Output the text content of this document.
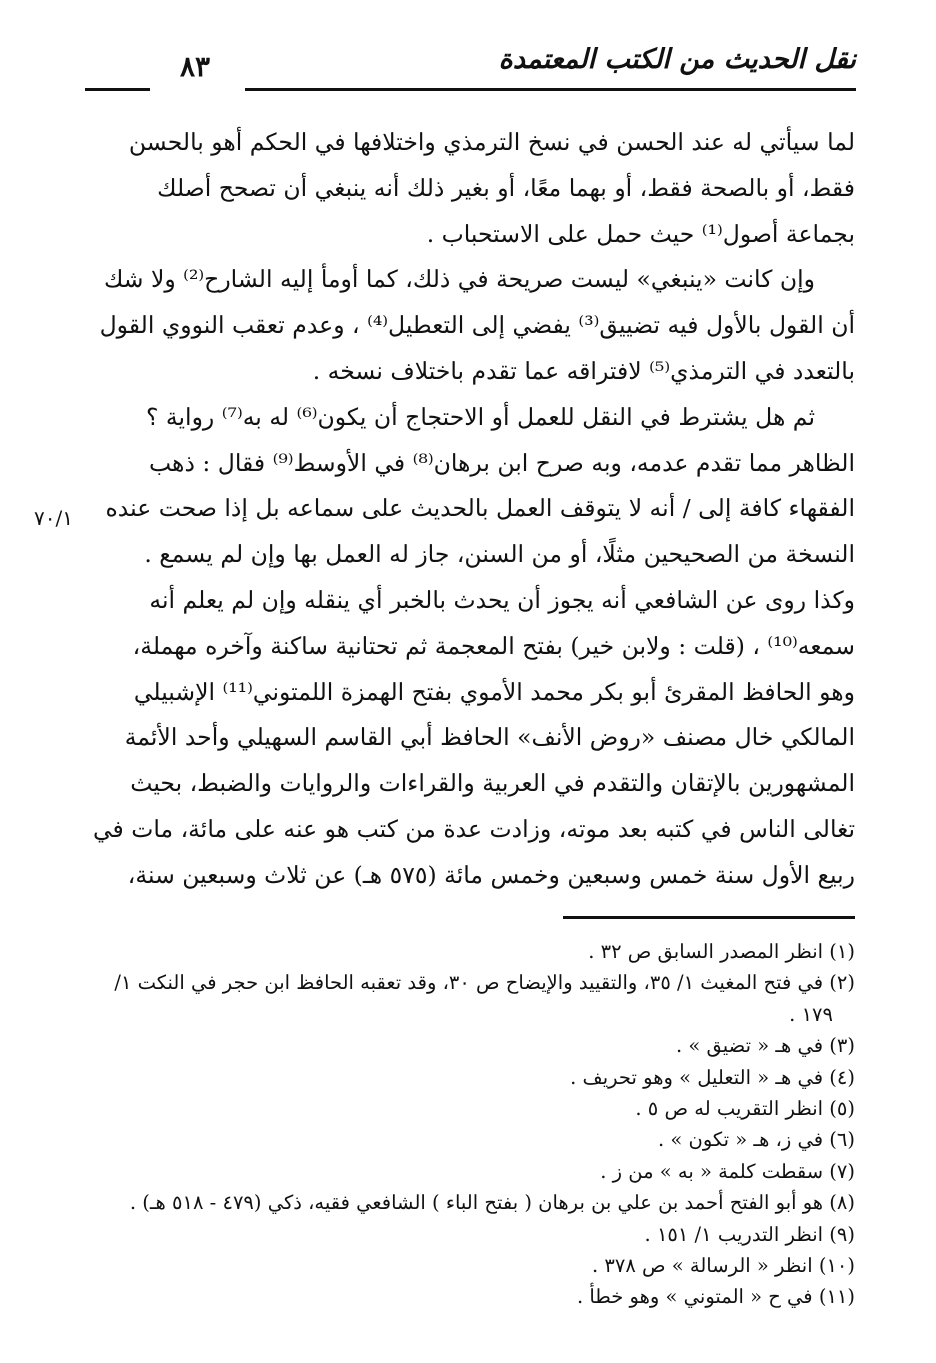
نقل الحديث من الكتب المعتمدة
٨٣
٧٠/١
لما سيأتي له عند الحسن في نسخ الترمذي واختلافها في الحكم أهو بالحسن
فقط، أو بالصحة فقط، أو بهما معًا، أو بغير ذلك أنه ينبغي أن تصحح أصلك
بجماعة أصول⁽¹⁾ حيث حمل على الاستحباب .
وإن كانت «ينبغي» ليست صريحة في ذلك، كما أومأ إليه الشارح⁽²⁾ ولا شك
أن القول بالأول فيه تضييق⁽³⁾ يفضي إلى التعطيل⁽⁴⁾ ، وعدم تعقب النووي القول
بالتعدد في الترمذي⁽⁵⁾ لافتراقه عما تقدم باختلاف نسخه .
ثم هل يشترط في النقل للعمل أو الاحتجاج أن يكون⁽⁶⁾ له به⁽⁷⁾ رواية ؟
الظاهر مما تقدم عدمه، وبه صرح ابن برهان⁽⁸⁾ في الأوسط⁽⁹⁾ فقال : ذهب
الفقهاء كافة إلى / أنه لا يتوقف العمل بالحديث على سماعه بل إذا صحت عنده
النسخة من الصحيحين مثلًا، أو من السنن، جاز له العمل بها وإن لم يسمع .
وكذا روى عن الشافعي أنه يجوز أن يحدث بالخبر أي ينقله وإن لم يعلم أنه
سمعه⁽¹⁰⁾ ، (قلت : ولابن خير) بفتح المعجمة ثم تحتانية ساكنة وآخره مهملة،
وهو الحافظ المقرئ أبو بكر محمد الأموي بفتح الهمزة اللمتوني⁽¹¹⁾ الإشبيلي
المالكي خال مصنف «روض الأنف» الحافظ أبي القاسم السهيلي وأحد الأئمة
المشهورين بالإتقان والتقدم في العربية والقراءات والروايات والضبط، بحيث
تغالى الناس في كتبه بعد موته، وزادت عدة من كتب هو عنه على مائة، مات في
ربيع الأول سنة خمس وسبعين وخمس مائة (٥٧٥ هـ) عن ثلاث وسبعين سنة،
(١) انظر المصدر السابق ص ٣٢ .
(٢) في فتح المغيث ١/ ٣٥، والتقييد والإيضاح ص ٣٠، وقد تعقبه الحافظ ابن حجر في النكت ١/
١٧٩ .
(٣) في هـ « تضيق » .
(٤) في هـ « التعليل » وهو تحريف .
(٥) انظر التقريب له ص ٥ .
(٦) في ز، هـ « تكون » .
(٧) سقطت كلمة « به » من ز .
(٨) هو أبو الفتح أحمد بن علي بن برهان ( بفتح الباء ) الشافعي فقيه، ذكي (٤٧٩ - ٥١٨ هـ) .
(٩) انظر التدريب ١/ ١٥١ .
(١٠) انظر « الرسالة » ص ٣٧٨ .
(١١) في ح « المتوني » وهو خطأ .
